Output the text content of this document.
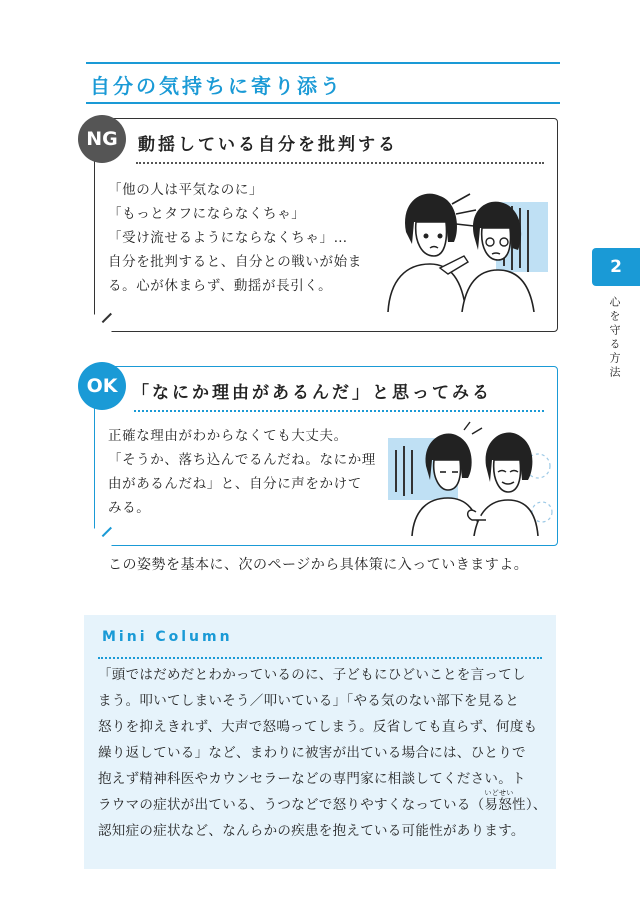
自分の気持ちに寄り添う
NG	動揺している自分を批判する
「他の人は平気なのに」
「もっとタフにならなくちゃ」
「受け流せるようにならなくちゃ」…
自分を批判すると、自分との戦いが始ま
る。心が休まらず、動揺が長引く。
OK 「なにか理由があるんだ」と思ってみる
正確な理由がわからなくても大丈夫。
「そうか、落ち込んでるんだね。なにか理
由があるんだね」と、自分に声をかけて
みる。
この姿勢を基本に、次のページから具体策に入っていきますよ。
Mini Column
「頭ではだめだとわかっているのに、子どもにひどいことを言ってし
まう。叩いてしまいそう／叩いている」「やる気のない部下を見ると
怒りを抑えきれず、大声で怒鳴ってしまう。反省しても直らず、何度も
繰り返している」など、まわりに被害が出ている場合には、ひとりで
抱えず精神科医やカウンセラーなどの専門家に相談してください。ト
ラウマの症状が出ている、うつなどで怒りやすくなっている（
いどせい
易怒性）、
認知症の症状など、なんらかの疾患を抱えている可能性があります。
2
心を守る方法
